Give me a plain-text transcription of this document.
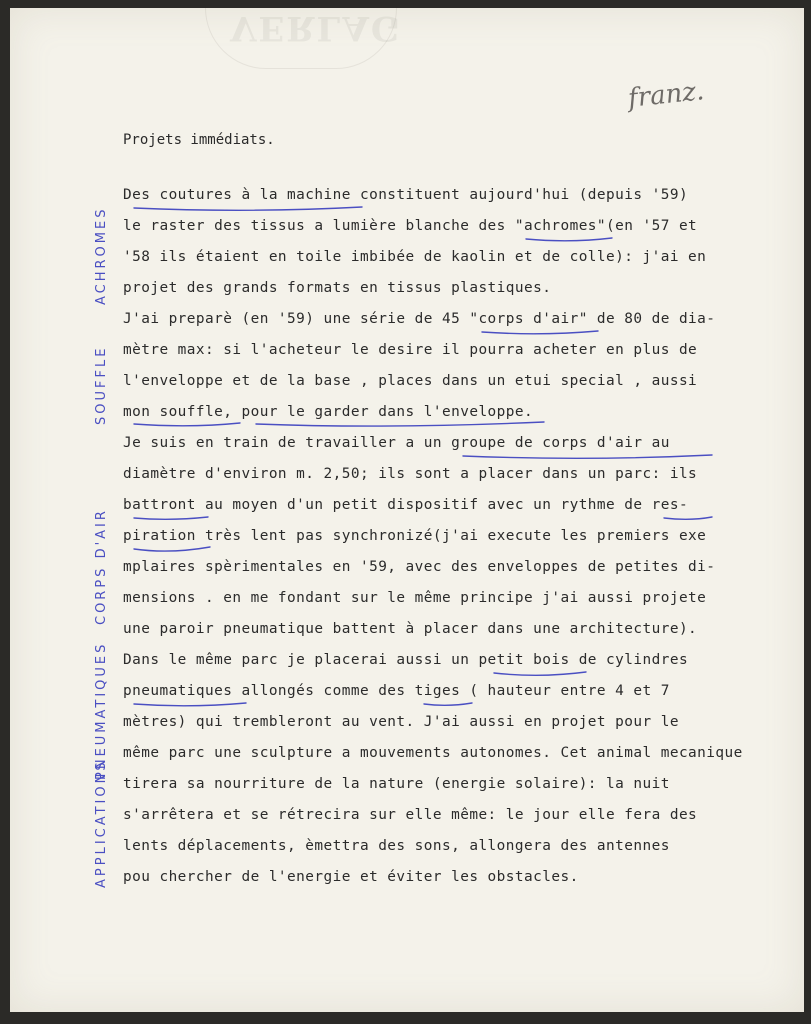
VERLAG
franz.
Projets immédiats.
Des coutures à la machine constituent aujourd'hui (depuis '59)
le raster des tissus a lumière blanche des "achromes"(en '57 et
'58 ils étaient en toile imbibée de kaolin et de colle): j'ai en
projet des grands formats en tissus plastiques.
J'ai preparè (en '59) une série de 45 "corps d'air" de 80 de dia-
mètre max: si l'acheteur le desire il pourra acheter en plus de
l'enveloppe et de la base , places dans un etui special , aussi
mon souffle, pour le garder dans l'enveloppe.
Je suis en train de travailler a un groupe de corps d'air au
diamètre d'environ m. 2,50; ils sont a placer dans un parc: ils
battront au moyen d'un petit dispositif avec un rythme de res-
piration très lent pas synchronizé(j'ai execute les premiers exe
mplaires spèrimentales en '59, avec des enveloppes de petites di-
mensions . en me fondant sur le même principe j'ai aussi projete
une paroir pneumatique battent à placer dans une architecture).
Dans le même parc je placerai aussi un petit bois de cylindres
pneumatiques allongés comme des tiges ( hauteur entre 4 et 7
mètres) qui trembleront au vent. J'ai aussi en projet pour le
même parc une sculpture a mouvements autonomes. Cet animal mecanique
tirera sa nourriture de la nature (energie solaire): la nuit
s'arrêtera et se rétrecira sur elle même: le jour elle fera des
lents déplacements, èmettra des sons, allongera des antennes
pou chercher de l'energie et éviter les obstacles.
ACHROMES
SOUFFLE
CORPS D'AIR
PNEUMATIQUES
APPLICATIONS
